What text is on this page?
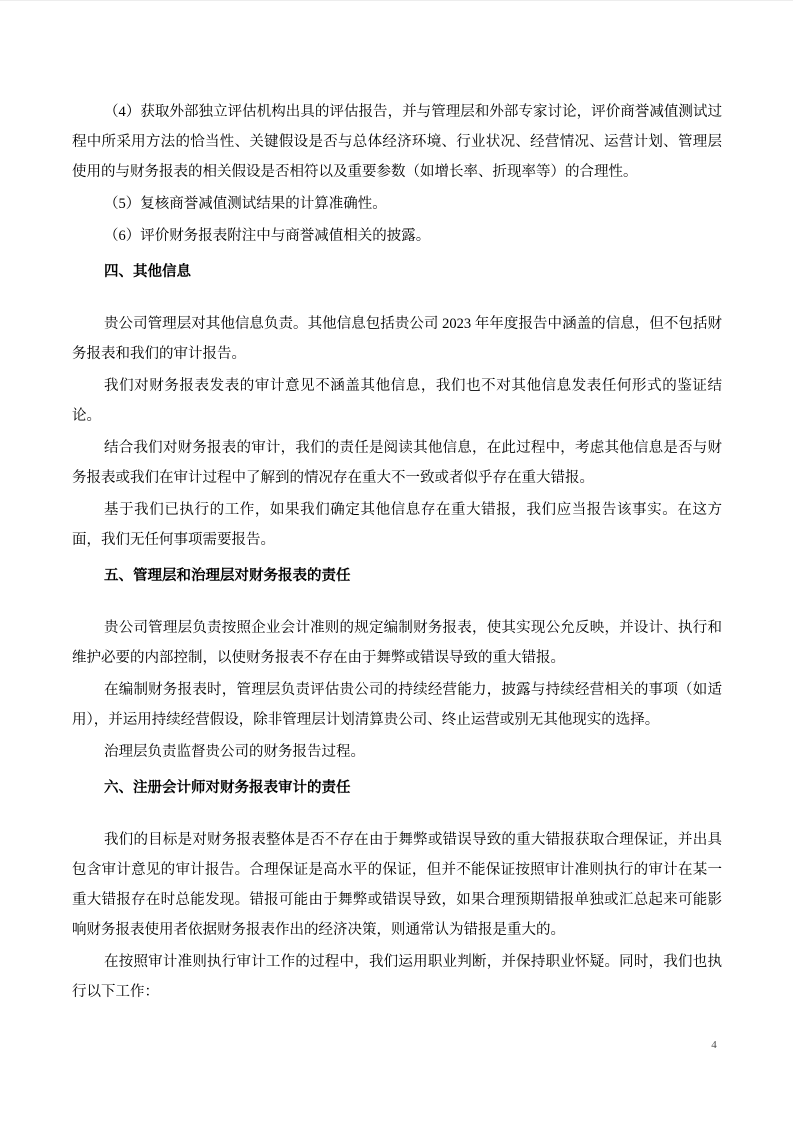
（4）获取外部独立评估机构出具的评估报告，并与管理层和外部专家讨论，评价商誉减值测试过程中所采用方法的恰当性、关键假设是否与总体经济环境、行业状况、经营情况、运营计划、管理层使用的与财务报表的相关假设是否相符以及重要参数（如增长率、折现率等）的合理性。

（5）复核商誉减值测试结果的计算准确性。

（6）评价财务报表附注中与商誉减值相关的披露。

四、其他信息

贵公司管理层对其他信息负责。其他信息包括贵公司 2023 年年度报告中涵盖的信息，但不包括财务报表和我们的审计报告。

我们对财务报表发表的审计意见不涵盖其他信息，我们也不对其他信息发表任何形式的鉴证结论。

结合我们对财务报表的审计，我们的责任是阅读其他信息，在此过程中，考虑其他信息是否与财务报表或我们在审计过程中了解到的情况存在重大不一致或者似乎存在重大错报。

基于我们已执行的工作，如果我们确定其他信息存在重大错报，我们应当报告该事实。在这方面，我们无任何事项需要报告。

五、管理层和治理层对财务报表的责任

贵公司管理层负责按照企业会计准则的规定编制财务报表，使其实现公允反映，并设计、执行和维护必要的内部控制，以使财务报表不存在由于舞弊或错误导致的重大错报。

在编制财务报表时，管理层负责评估贵公司的持续经营能力，披露与持续经营相关的事项（如适用），并运用持续经营假设，除非管理层计划清算贵公司、终止运营或别无其他现实的选择。

治理层负责监督贵公司的财务报告过程。

六、注册会计师对财务报表审计的责任

我们的目标是对财务报表整体是否不存在由于舞弊或错误导致的重大错报获取合理保证，并出具包含审计意见的审计报告。合理保证是高水平的保证，但并不能保证按照审计准则执行的审计在某一重大错报存在时总能发现。错报可能由于舞弊或错误导致，如果合理预期错报单独或汇总起来可能影响财务报表使用者依据财务报表作出的经济决策，则通常认为错报是重大的。

在按照审计准则执行审计工作的过程中，我们运用职业判断，并保持职业怀疑。同时，我们也执行以下工作：

4
